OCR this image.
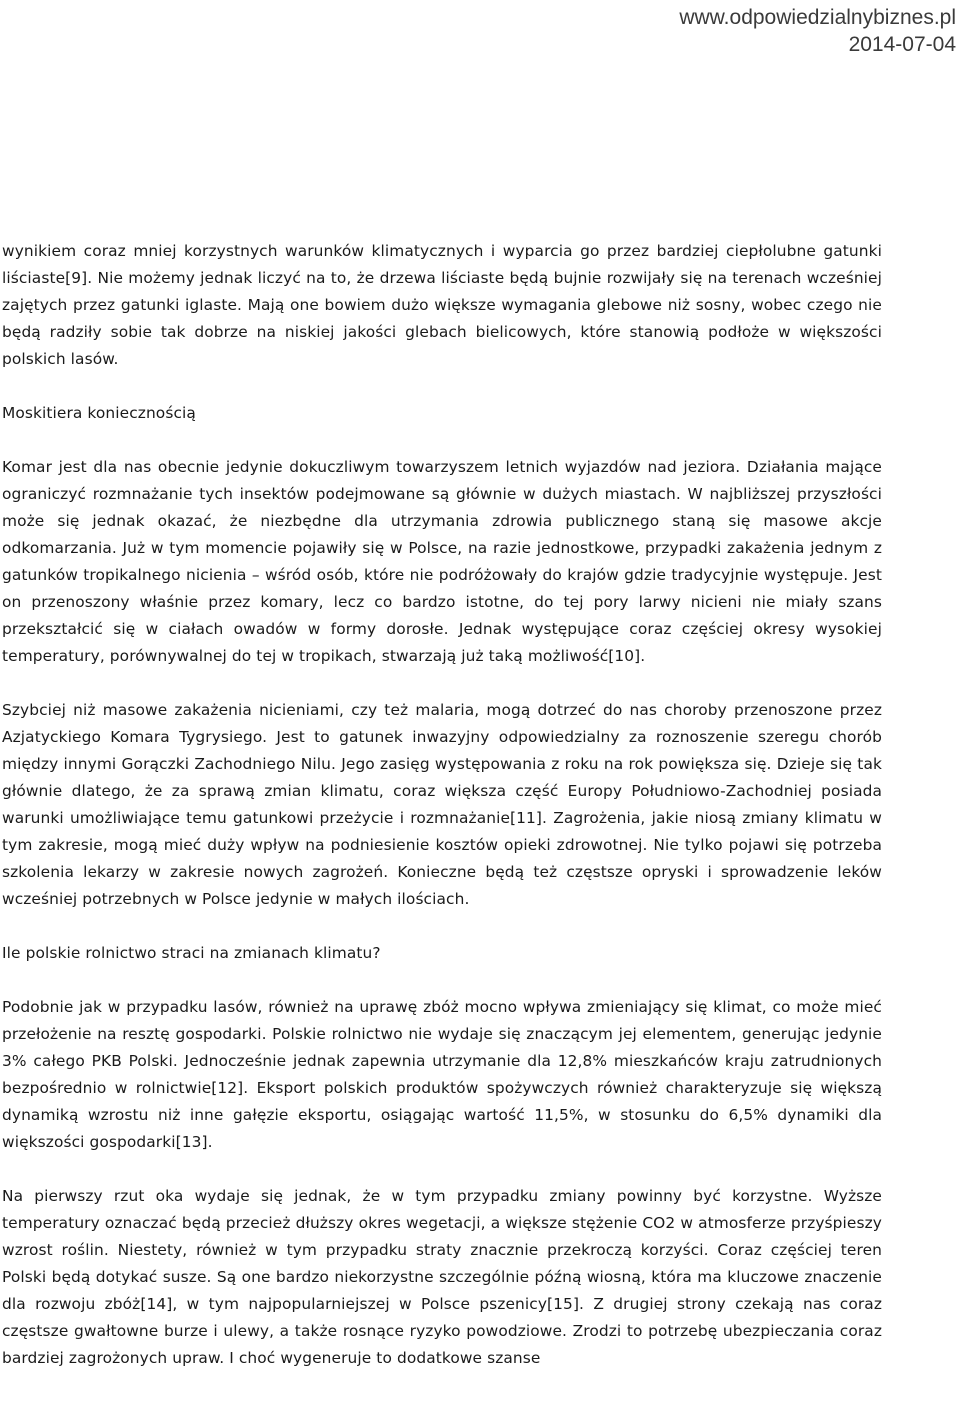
www.odpowiedzialnybiznes.pl
2014-07-04

wynikiem coraz mniej korzystnych warunków klimatycznych i wyparcia go przez bardziej ciepłolubne gatunki liściaste[9]. Nie możemy jednak liczyć na to, że drzewa liściaste będą bujnie rozwijały się na terenach wcześniej zajętych przez gatunki iglaste. Mają one bowiem dużo większe wymagania glebowe niż sosny, wobec czego nie będą radziły sobie tak dobrze na niskiej jakości glebach bielicowych, które stanowią podłoże w większości polskich lasów.

Moskitiera koniecznością

Komar jest dla nas obecnie jedynie dokuczliwym towarzyszem letnich wyjazdów nad jeziora. Działania mające ograniczyć rozmnażanie tych insektów podejmowane są głównie w dużych miastach. W najbliższej przyszłości może się jednak okazać, że niezbędne dla utrzymania zdrowia publicznego staną się masowe akcje odkomarzania. Już w tym momencie pojawiły się w Polsce, na razie jednostkowe, przypadki zakażenia jednym z gatunków tropikalnego nicienia – wśród osób, które nie podróżowały do krajów gdzie tradycyjnie występuje. Jest on przenoszony właśnie przez komary, lecz co bardzo istotne, do tej pory larwy nicieni nie miały szans przekształcić się w ciałach owadów w formy dorosłe. Jednak występujące coraz częściej okresy wysokiej temperatury, porównywalnej do tej w tropikach, stwarzają już taką możliwość[10].

Szybciej niż masowe zakażenia nicieniami, czy też malaria, mogą dotrzeć do nas choroby przenoszone przez Azjatyckiego Komara Tygrysiego. Jest to gatunek inwazyjny odpowiedzialny za roznoszenie szeregu chorób między innymi Gorączki Zachodniego Nilu. Jego zasięg występowania z roku na rok powiększa się. Dzieje się tak głównie dlatego, że za sprawą zmian klimatu, coraz większa część Europy Południowo-Zachodniej posiada warunki umożliwiające temu gatunkowi przeżycie i rozmnażanie[11]. Zagrożenia, jakie niosą zmiany klimatu w tym zakresie, mogą mieć duży wpływ na podniesienie kosztów opieki zdrowotnej. Nie tylko pojawi się potrzeba szkolenia lekarzy w zakresie nowych zagrożeń. Konieczne będą też częstsze opryski i sprowadzenie leków wcześniej potrzebnych w Polsce jedynie w małych ilościach.

Ile polskie rolnictwo straci na zmianach klimatu?

Podobnie jak w przypadku lasów, również na uprawę zbóż mocno wpływa zmieniający się klimat, co może mieć przełożenie na resztę gospodarki. Polskie rolnictwo nie wydaje się znaczącym jej elementem, generując jedynie 3% całego PKB Polski. Jednocześnie jednak zapewnia utrzymanie dla 12,8% mieszkańców kraju zatrudnionych bezpośrednio w rolnictwie[12]. Eksport polskich produktów spożywczych również charakteryzuje się większą dynamiką wzrostu niż inne gałęzie eksportu, osiągając wartość 11,5%, w stosunku do 6,5% dynamiki dla większości gospodarki[13].

Na pierwszy rzut oka wydaje się jednak, że w tym przypadku zmiany powinny być korzystne. Wyższe temperatury oznaczać będą przecież dłuższy okres wegetacji, a większe stężenie CO2 w atmosferze przyśpieszy wzrost roślin. Niestety, również w tym przypadku straty znacznie przekroczą korzyści. Coraz częściej teren Polski będą dotykać susze. Są one bardzo niekorzystne szczególnie późną wiosną, która ma kluczowe znaczenie dla rozwoju zbóż[14], w tym najpopularniejszej w Polsce pszenicy[15]. Z drugiej strony czekają nas coraz częstsze gwałtowne burze i ulewy, a także rosnące ryzyko powodziowe. Zrodzi to potrzebę ubezpieczania coraz bardziej zagrożonych upraw. I choć wygeneruje to dodatkowe szanse
